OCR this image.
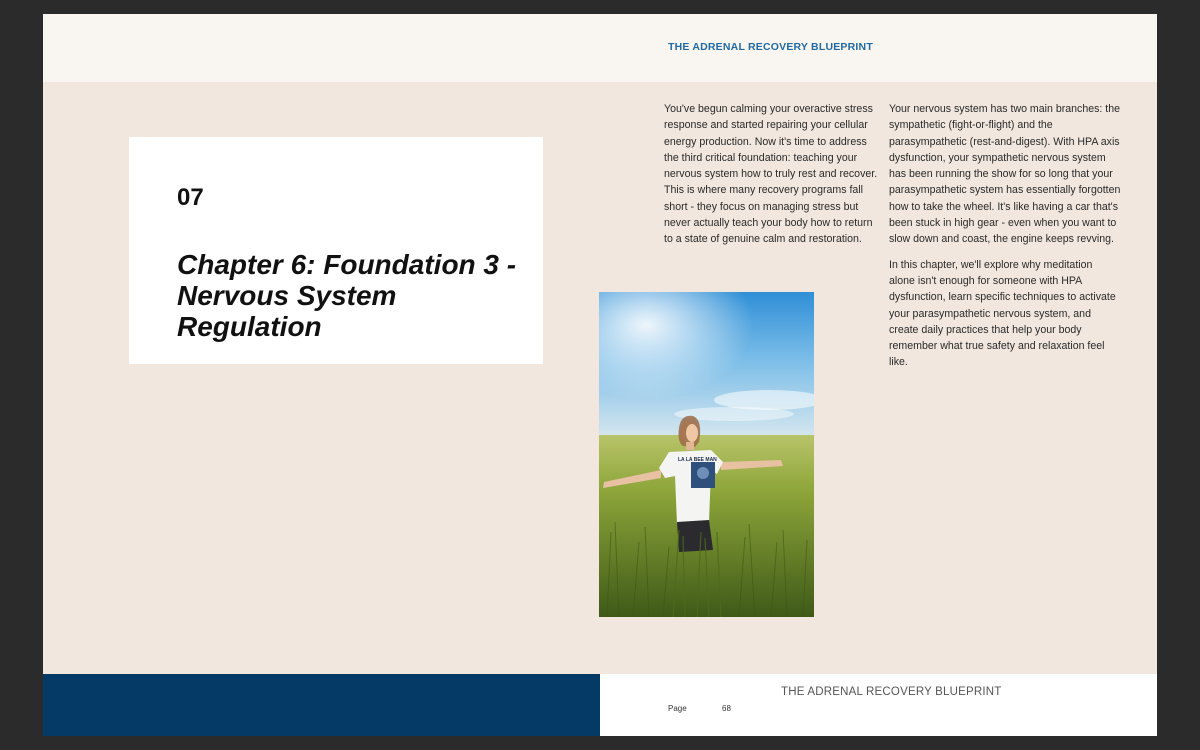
THE ADRENAL RECOVERY BLUEPRINT
07
Chapter 6: Foundation 3 - Nervous System Regulation

You've begun calming your overactive stress response and started repairing your cellular energy production. Now it's time to address the third critical foundation: teaching your nervous system how to truly rest and recover. This is where many recovery programs fall short - they focus on managing stress but never actually teach your body how to return to a state of genuine calm and restoration.

Your nervous system has two main branches: the sympathetic (fight-or-flight) and the parasympathetic (rest-and-digest). With HPA axis dysfunction, your sympathetic nervous system has been running the show for so long that your parasympathetic system has essentially forgotten how to take the wheel. It's like having a car that's been stuck in high gear - even when you want to slow down and coast, the engine keeps revving.

In this chapter, we'll explore why meditation alone isn't enough for someone with HPA dysfunction, learn specific techniques to activate your parasympathetic nervous system, and create daily practices that help your body remember what true safety and relaxation feel like.

LA LA BEE MAN
THE ADRENAL RECOVERY BLUEPRINT
Page	68
